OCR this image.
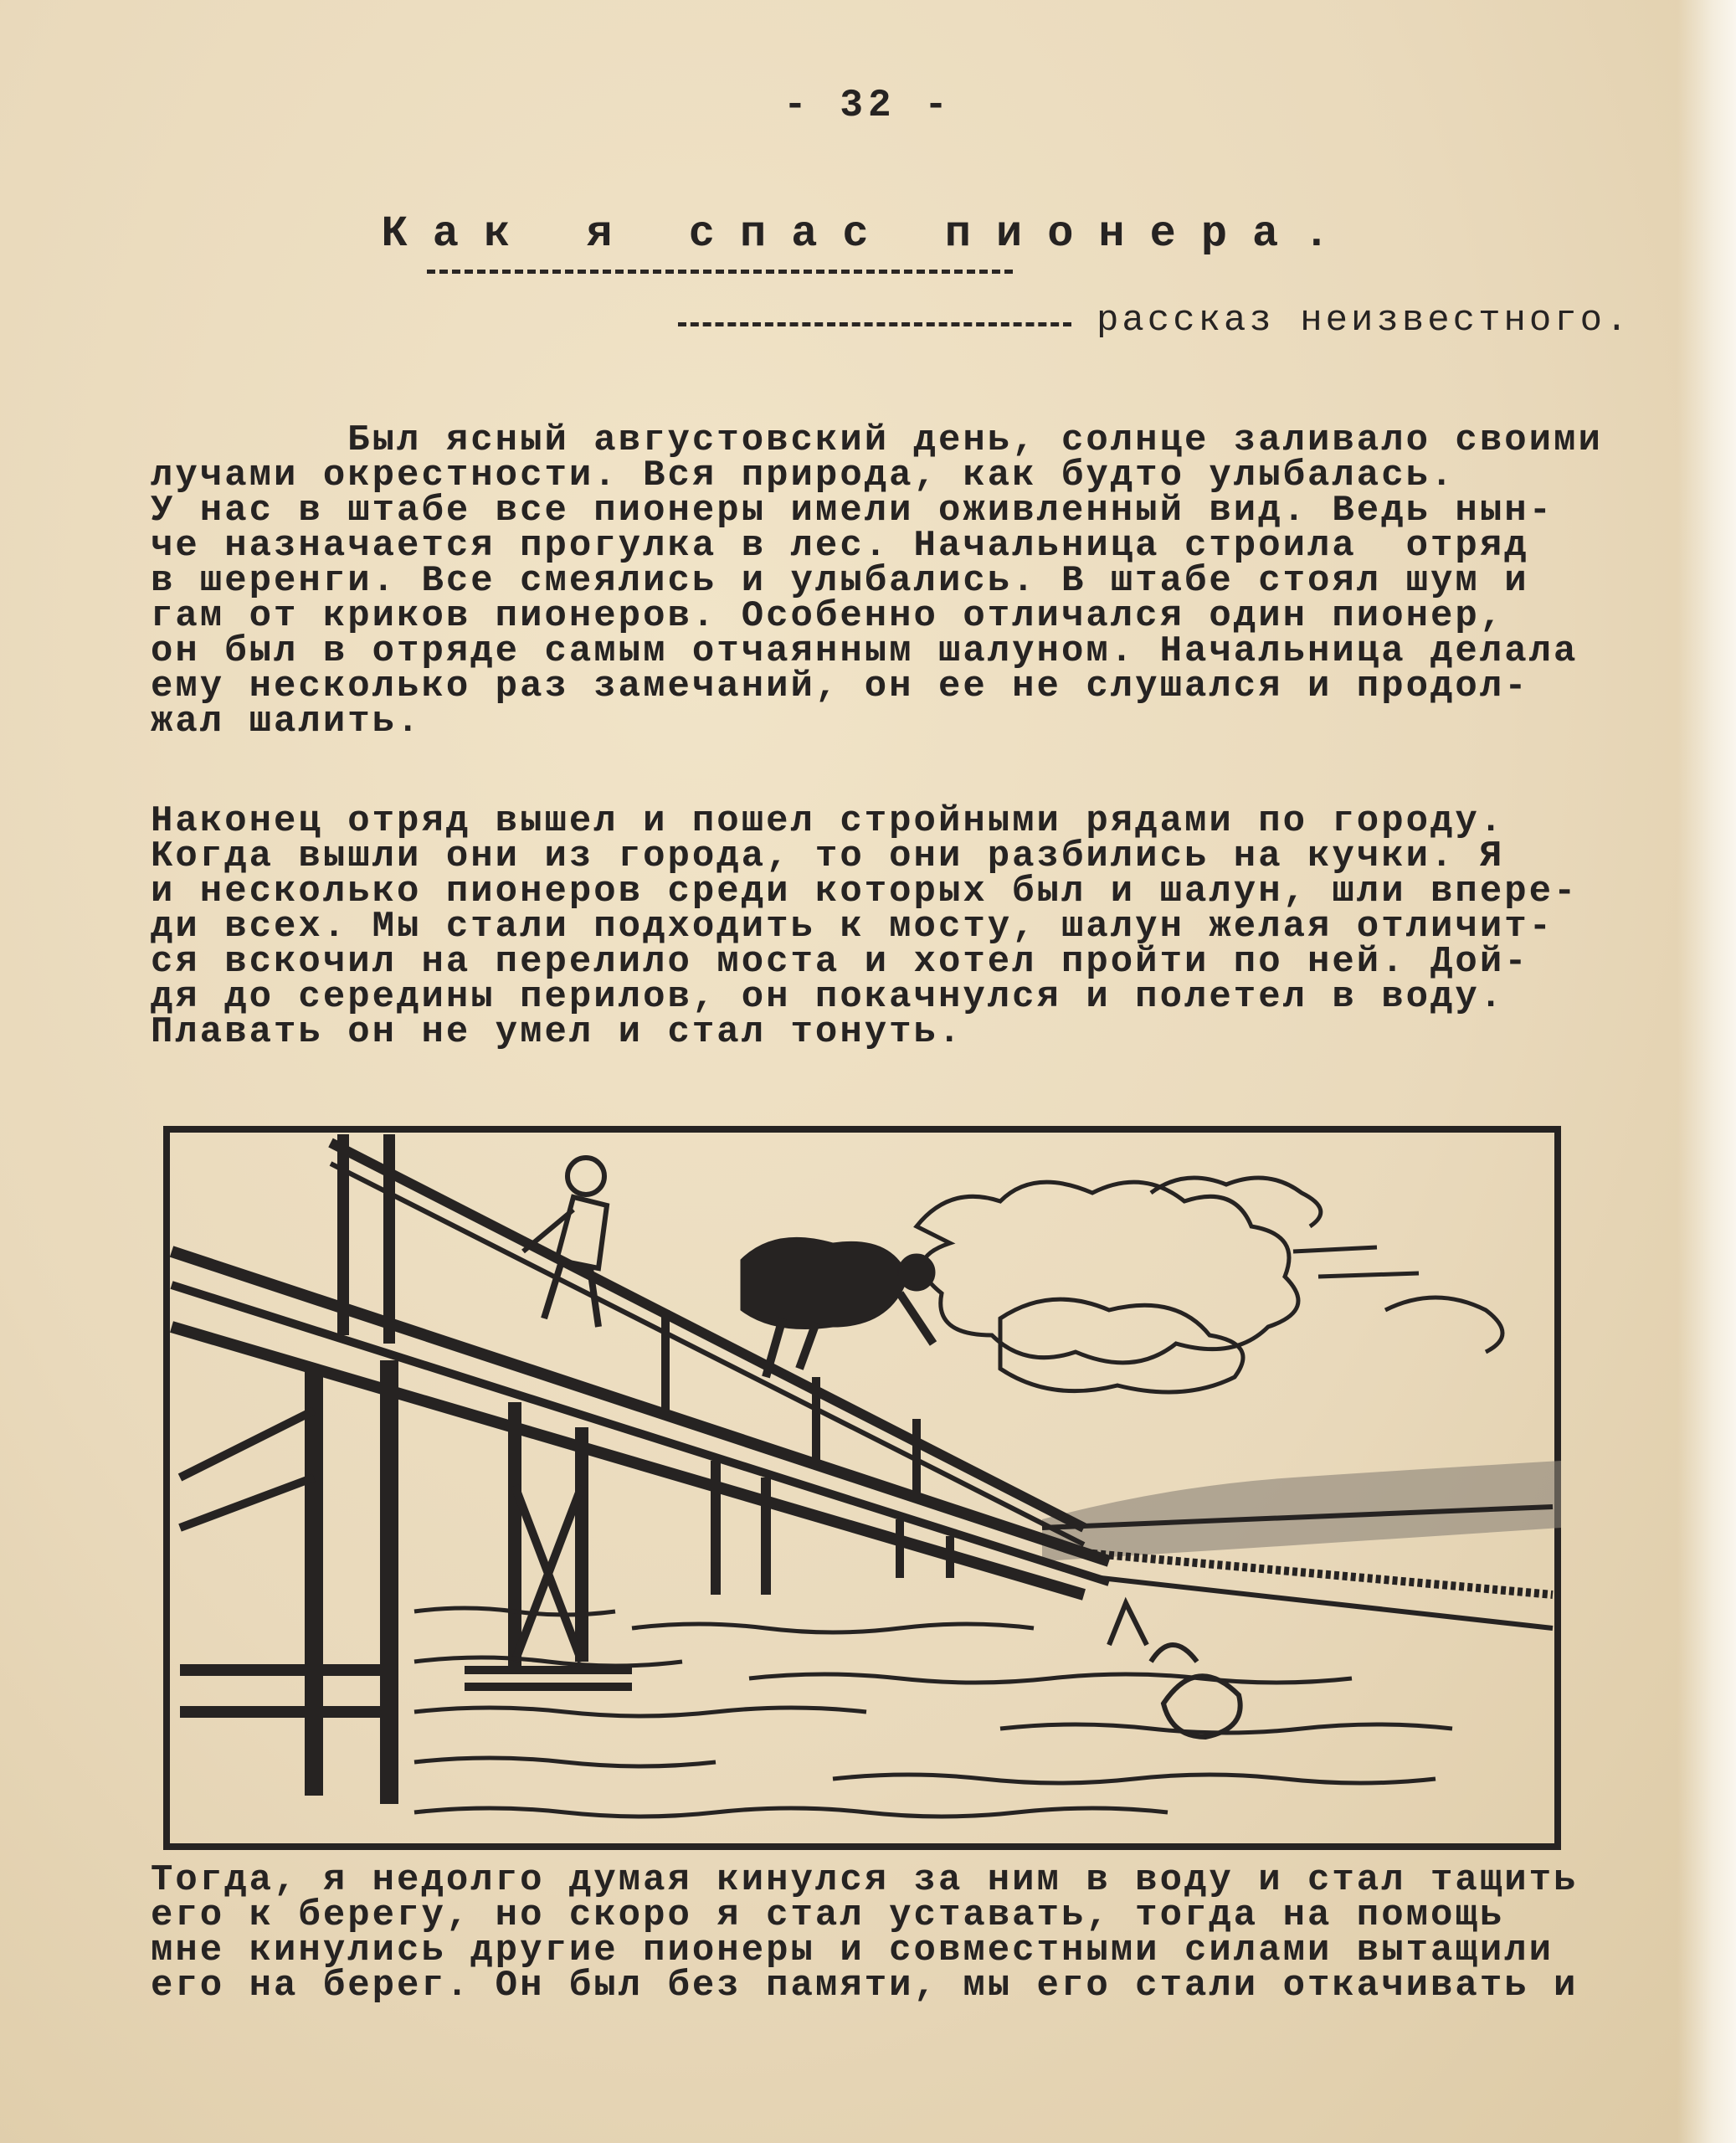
- 32 -
Как я спас пионера.
рассказ неизвестного.

Был ясный августовский день, солнце заливало своими
лучами окрестности. Вся природа, как будто улыбалась.
У нас в штабе все пионеры имели оживленный вид. Ведь нын-
че назначается прогулка в лес. Начальница строила  отряд
в шеренги. Все смеялись и улыбались. В штабе стоял шум и
гам от криков пионеров. Особенно отличался один пионер,
он был в отряде самым отчаянным шалуном. Начальница делала
ему несколько раз замечаний, он ее не слушался и продол-
жал шалить.

Наконец отряд вышел и пошел стройными рядами по городу.
Когда вышли они из города, то они разбились на кучки. Я
и несколько пионеров среди которых был и шалун, шли впере-
ди всех. Мы стали подходить к мосту, шалун желая отличит-
ся вскочил на перелило моста и хотел пройти по ней. Дой-
дя до середины перилов, он покачнулся и полетел в воду.
Плавать он не умел и стал тонуть.

Тогда, я недолго думая кинулся за ним в воду и стал тащить
его к берегу, но скоро я стал уставать, тогда на помощь
мне кинулись другие пионеры и совместными силами вытащили
его на берег. Он был без памяти, мы его стали откачивать и
